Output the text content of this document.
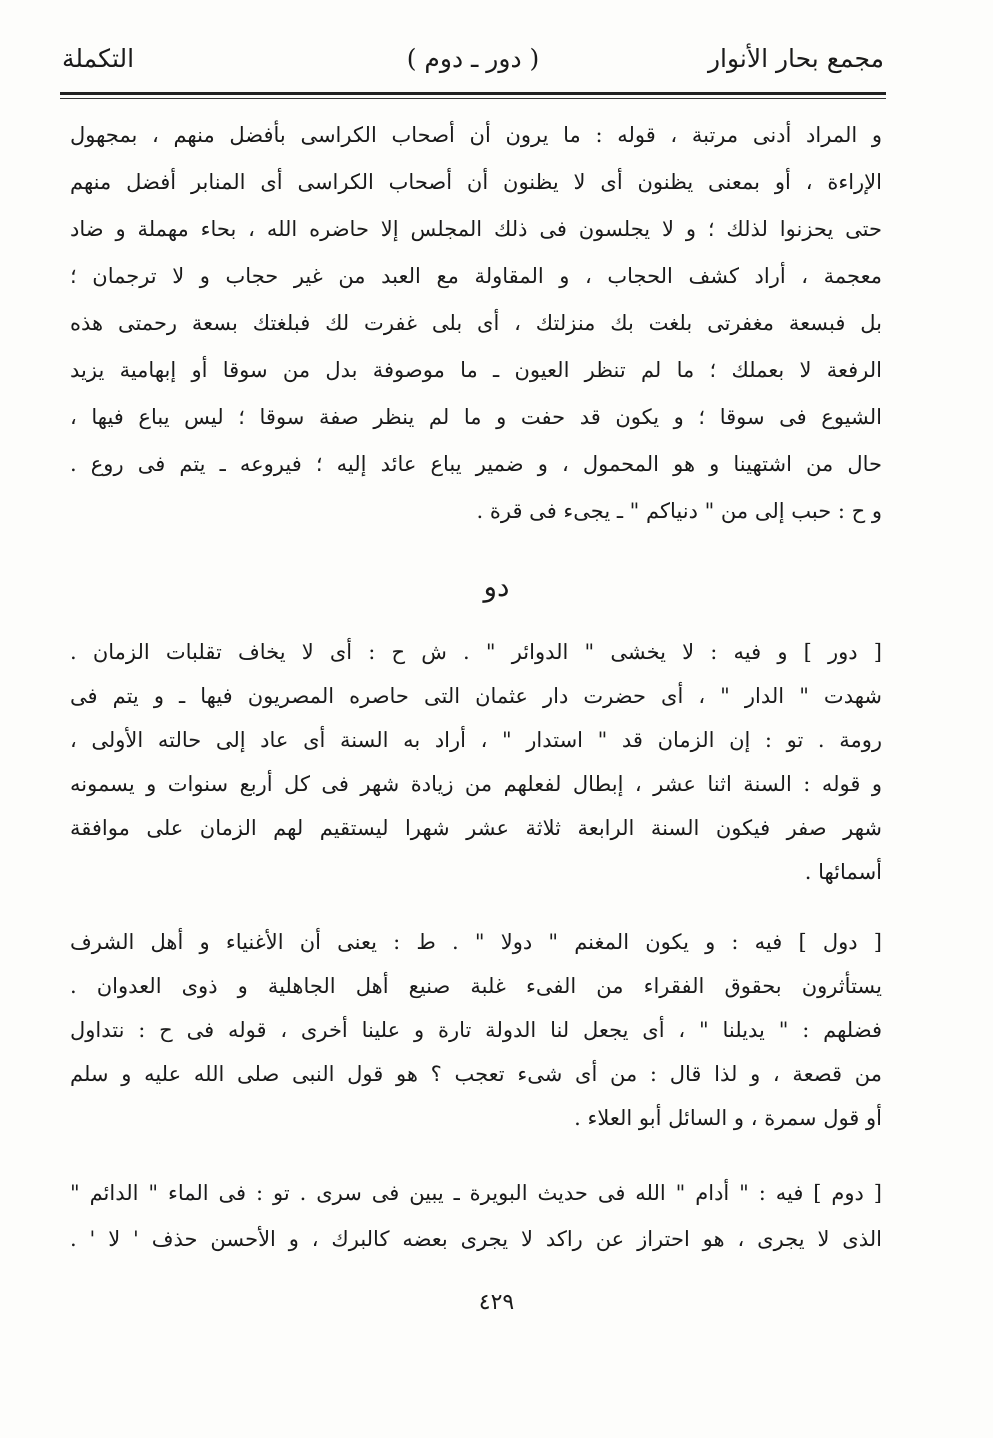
مجمع بحار الأنوار
( دور ـ دوم )
التكملة
و المراد أدنى مرتبة ، قوله : ما يرون أن أصحاب الكراسى بأفضل منهم ، بمجهول
الإراءة ، أو بمعنى يظنون أى لا يظنون أن أصحاب الكراسى أى المنابر أفضل منهم
حتى يحزنوا لذلك ؛ و لا يجلسون فى ذلك المجلس إلا حاضره الله ، بحاء مهملة و ضاد
معجمة ، أراد كشف الحجاب ، و المقاولة مع العبد من غير حجاب و لا ترجمان ؛
بل فبسعة مغفرتى بلغت بك منزلتك ، أى بلى غفرت لك فبلغتك بسعة رحمتى هذه
الرفعة لا بعملك ؛ ما لم تنظر العيون ـ ما موصوفة بدل من سوقا أو إبهامية يزيد
الشيوع فى سوقا ؛ و يكون قد حفت و ما لم ينظر صفة سوقا ؛ ليس يباع فيها ،
حال من اشتهينا و هو المحمول ، و ضمير يباع عائد إليه ؛ فيروعه ـ يتم فى روع .
و ح : حبب إلى من " دنياكم " ـ يجىء فى قرة .
دو
[ دور ] و فيه : لا يخشى " الدوائر " . ش ح : أى لا يخاف تقلبات الزمان .
شهدت " الدار " ، أى حضرت دار عثمان التى حاصره المصريون فيها ـ و يتم فى
رومة . تو : إن الزمان قد " استدار " ، أراد به السنة أى عاد إلى حالته الأولى ،
و قوله : السنة اثنا عشر ، إبطال لفعلهم من زيادة شهر فى كل أربع سنوات و يسمونه
شهر صفر فيكون السنة الرابعة ثلاثة عشر شهرا ليستقيم لهم الزمان على موافقة
أسمائها .
[ دول ] فيه : و يكون المغنم " دولا " . ط : يعنى أن الأغنياء و أهل الشرف
يستأثرون بحقوق الفقراء من الفىء غلبة صنيع أهل الجاهلية و ذوى العدوان .
فضلهم : " يديلنا " ، أى يجعل لنا الدولة تارة و علينا أخرى ، قوله فى ح : نتداول
من قصعة ، و لذا قال : من أى شىء تعجب ؟ هو قول النبى صلى الله عليه و سلم
أو قول سمرة ، و السائل أبو العلاء .
[ دوم ] فيه : " أدام " الله فى حديث البويرة ـ يبين فى سرى . تو : فى الماء " الدائم "
الذى لا يجرى ، هو احتراز عن راكد لا يجرى بعضه كالبرك ، و الأحسن حذف ' لا ' .
٤٢٩
